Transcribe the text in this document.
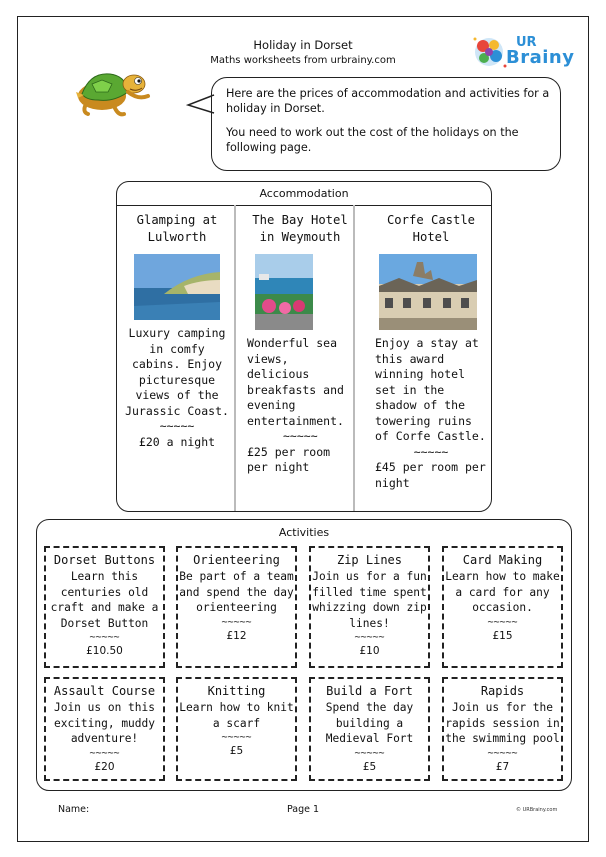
Holiday in Dorset
Maths worksheets from urbrainy.com
UR
Brainy

Here are the prices of accommodation and activities for a holiday in Dorset.

You need to work out the cost of the holidays on the following page.

Accommodation
Glamping at Lulworth
Luxury camping in comfy cabins. Enjoy picturesque views of the Jurassic Coast.
~~~~~
£20 a night
The Bay Hotel in Weymouth
Wonderful sea views, delicious breakfasts and evening entertainment.
~~~~~
£25 per room per night
Corfe Castle Hotel
Enjoy a stay at this award winning hotel set in the shadow of the towering ruins of Corfe Castle.
~~~~~
£45 per room per night
Activities
Dorset Buttons
Learn this centuries old craft and make a Dorset Button
~~~~~
£10.50
Orienteering
Be part of a team and spend the day orienteering
~~~~~
£12
Zip Lines
Join us for a fun filled time spent whizzing down zip lines!
~~~~~
£10
Card Making
Learn how to make a card for any occasion.
~~~~~
£15
Assault Course
Join us on this exciting, muddy adventure!
~~~~~
£20
Knitting
Learn how to knit a scarf
~~~~~
£5
Build a Fort
Spend the day building a Medieval Fort
~~~~~
£5
Rapids
Join us for the rapids session in the swimming pool
~~~~~
£7
Name:	Page 1	© URBrainy.com
